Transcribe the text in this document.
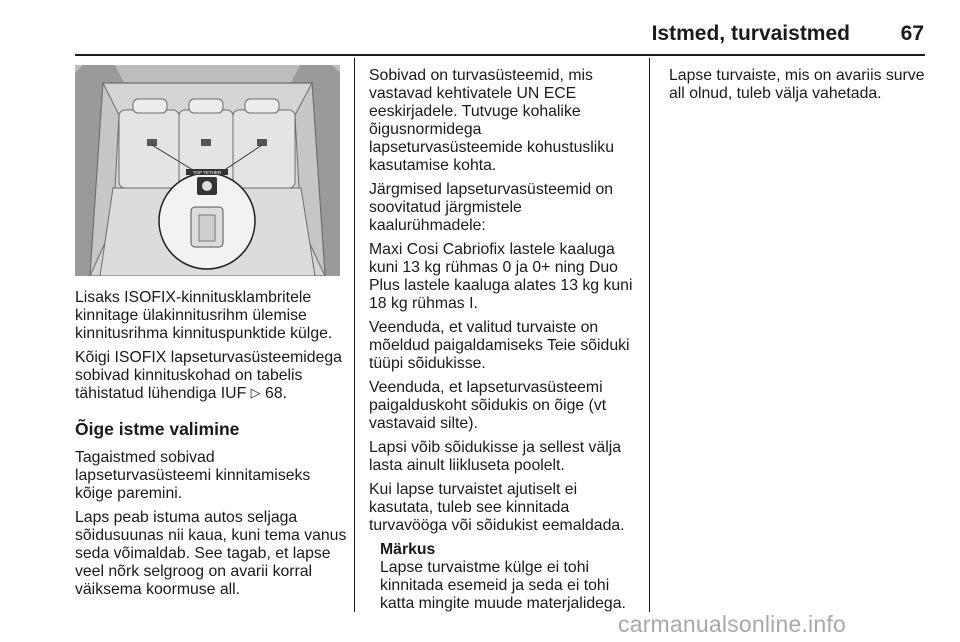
Istmed, turvaistmed	67
TOP TETHER

Lisaks ISOFIX-kinnitusklambritele kinnitage ülakinnitusrihm ülemise kinnitusrihma kinnituspunktide külge.

Kõigi ISOFIX lapseturvasüsteemidega sobivad kinnituskohad on tabelis tähistatud lühendiga IUF ▷ 68.

Õige istme valimine

Tagaistmed sobivad lapseturvasüsteemi kinnitamiseks kõige paremini.

Laps peab istuma autos seljaga sõidusuunas nii kaua, kuni tema vanus seda võimaldab. See tagab, et lapse veel nõrk selgroog on avarii korral väiksema koormuse all.

Sobivad on turvasüsteemid, mis vastavad kehtivatele UN ECE eeskirjadele. Tutvuge kohalike õigusnormidega lapseturvasüsteemide kohustusliku kasutamise kohta.

Järgmised lapseturvasüsteemid on soovitatud järgmistele kaalurühmadele:

Maxi Cosi Cabriofix lastele kaaluga kuni 13 kg rühmas 0 ja 0+ ning Duo Plus lastele kaaluga alates 13 kg kuni 18 kg rühmas I.

Veenduda, et valitud turvaiste on mõeldud paigaldamiseks Teie sõiduki tüüpi sõidukisse.

Veenduda, et lapseturvasüsteemi paigalduskoht sõidukis on õige (vt vastavaid silte).

Lapsi võib sõidukisse ja sellest välja lasta ainult liikluseta poolelt.

Kui lapse turvaistet ajutiselt ei kasutata, tuleb see kinnitada turvavööga või sõidukist eemaldada.

Märkus
Lapse turvaistme külge ei tohi kinnitada esemeid ja seda ei tohi katta mingite muude materjalidega.

Lapse turvaiste, mis on avariis surve all olnud, tuleb välja vahetada.

carmanualsonline.info
